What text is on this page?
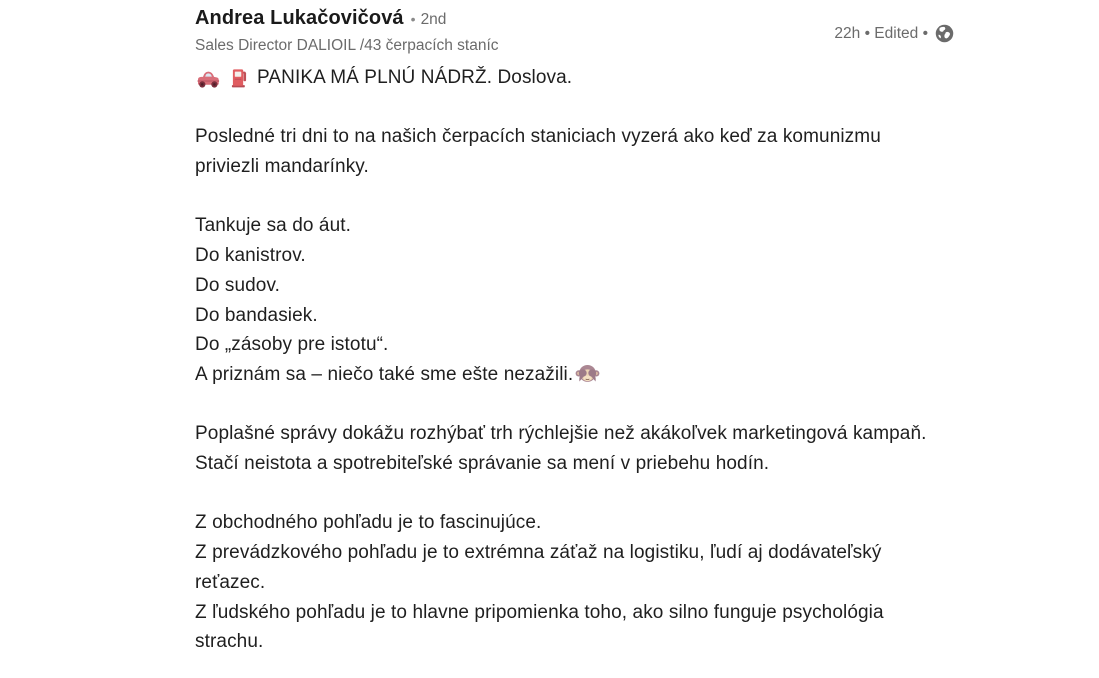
Andrea Lukačovičová • 2nd
Sales Director DALIOIL /43 čerpacích staníc
22h • Edited •
PANIKA MÁ PLNÚ NÁDRŽ. Doslova.
Posledné tri dni to na našich čerpacích staniciach vyzerá ako keď za komunizmu
priviezli mandarínky.
Tankuje sa do áut.
Do kanistrov.
Do sudov.
Do bandasiek.
Do „zásoby pre istotu“.
A priznám sa – niečo také sme ešte nezažili.
Poplašné správy dokážu rozhýbať trh rýchlejšie než akákoľvek marketingová kampaň.
Stačí neistota a spotrebiteľské správanie sa mení v priebehu hodín.
Z obchodného pohľadu je to fascinujúce.
Z prevádzkového pohľadu je to extrémna záťaž na logistiku, ľudí aj dodávateľský
reťazec.
Z ľudského pohľadu je to hlavne pripomienka toho, ako silno funguje psychológia
strachu.
